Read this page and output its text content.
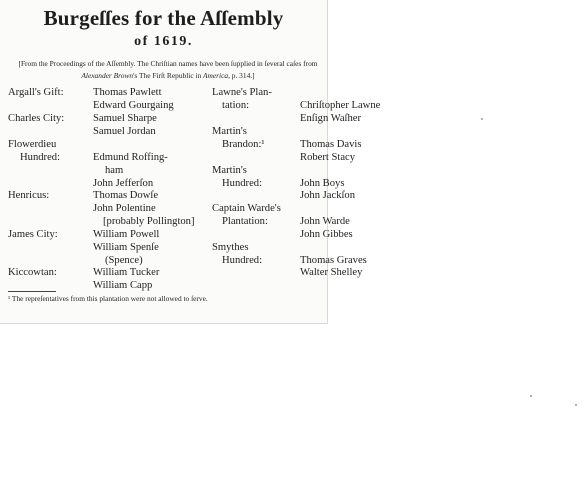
Burgeſſes for the Aſſembly
of 1619.
[From the Proceedings of the Aſſembly. The Chriſtian names have been ſupplied in ſeveral caſes from
Alexander Brown's The Firſt Republic in America, p. 314.]
Argall's Gift:	Thomas Pawlett
Edward Gourgaing
Charles City:	Samuel Sharpe
Samuel Jordan
Flowerdieu
Hundred:	Edmund Roffing-
ham
John Jefferſon
Henricus:	Thomas Dowſe
John Polentine
[probably Pollington]
James City:	William Powell
William Spenſe
(Spence)
Kiccowtan:	William Tucker
William Capp
Lawne's Plan-
tation:	Chriſtopher Lawne
Enſign Waſher
Martin's
Brandon:¹	Thomas Davis
Robert Stacy
Martin's
Hundred:	John Boys
John Jackſon
Captain Warde's
Plantation:	John Warde
John Gibbes
Smythes
Hundred:	Thomas Graves
Walter Shelley
¹ The repreſentatives from this plantation were not allowed to ſerve.
